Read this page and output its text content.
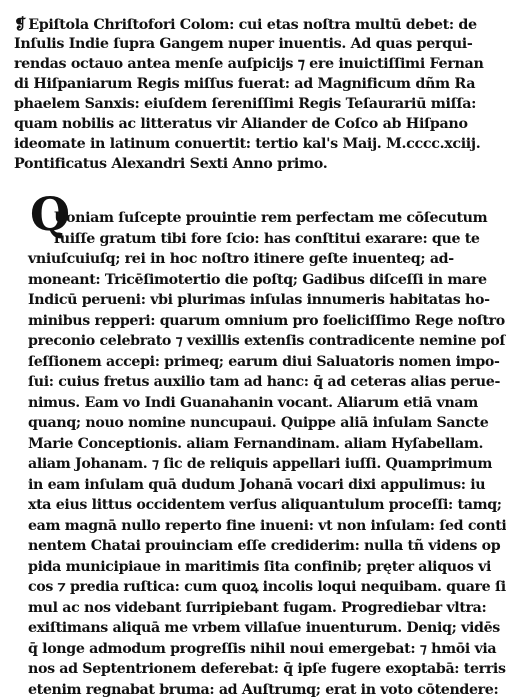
❡ Epiſtola Chriſtofori Colom: cui etas noſtra multū debet: de
Inſulis Indie ſupra Gangem nuper inuentis. Ad quas perqui-
rendas octauo antea menſe auſpicijs ⁊ ere inuictiſſimi Fernan
di Hiſpaniarum Regis miſſus fuerat: ad Magnificum dñm Ra
phaelem Sanxis: eiuſdem ſereniſſimi Regis Teſaurariū miſſa:
quam nobilis ac litteratus vir Aliander de Coſco ab Hiſpano
ideomate in latinum conuertit: tertio kal's Maij. M.cccc.xciij.
Pontificatus Alexandri Sexti Anno primo.
Q
Uoniam ſuſcepte prouintie rem perfectam me cōſecutum
fuiſſe gratum tibi fore ſcio: has conſtitui exarare: que te
vniuſcuiuſq; rei in hoc noſtro itinere geſte inuenteq; ad-
moneant: Tricēſimotertio die poſtq; Gadibus diſceſſi in mare
Indicū perueni: vbi plurimas inſulas innumeris habitatas ho-
minibus repperi: quarum omnium pro foeliciſſimo Rege noſtro
preconio celebrato ⁊ vexillis extenſis contradicente nemine poſ
ſeſſionem accepi: primeq; earum diui Saluatoris nomen impo-
ſui: cuius fretus auxilio tam ad hanc: q̄ ad ceteras alias perue-
nimus. Eam vo Indi Guanahanin vocant. Aliarum etiā vnam
quanq; nouo nomine nuncupaui. Quippe aliā inſulam Sancte
Marie Conceptionis. aliam Fernandinam. aliam Hyſabellam.
aliam Johanam. ⁊ ſic de reliquis appellari iuſſi. Quamprimum
in eam inſulam quā dudum Johanā vocari dixi appulimus: iu
xta eius littus occidentem verſus aliquantulum proceſſi: tamq;
eam magnā nullo reperto fine inueni: vt non inſulam: ſed conti
nentem Chatai prouinciam eſſe crediderim: nulla tñ videns op
pida municipiaue in maritimis ſita confinib; pręter aliquos vi
cos ⁊ predia ruſtica: cum quoꝝ incolis loqui nequibam. quare ſi
mul ac nos videbant ſurripiebant fugam. Progrediebar vltra:
exiſtimans aliquā me vrbem villaſue inuenturum. Deniq; vidēs
q̄ longe admodum progreſſis nihil noui emergebat: ⁊ hmōi via
nos ad Septentrionem deferebat: q̄ ipſe fugere exoptabā: terris
etenim regnabat bruma: ad Auſtrumq; erat in voto cōtendere:
